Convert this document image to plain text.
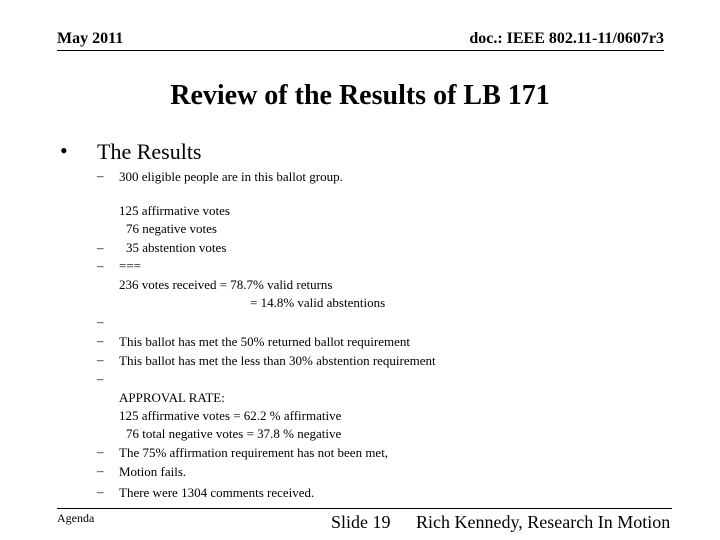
May 2011	doc.: IEEE 802.11-11/0607r3
Review of the Results of LB 171
• The Results
–
–
–
–
–
–
–
–
–
–
300 eligible people are in this ballot group.
125 affirmative votes
76 negative votes
35 abstention votes
===
236 votes received = 78.7% valid returns
= 14.8% valid abstentions
This ballot has met the 50% returned ballot requirement
This ballot has met the less than 30% abstention requirement
APPROVAL RATE:
125 affirmative votes = 62.2 % affirmative
76 total negative votes = 37.8 % negative
The 75% affirmation requirement has not been met,
Motion fails.
There were 1304 comments received.
Agenda	Slide 19 Rich Kennedy, Research In Motion
